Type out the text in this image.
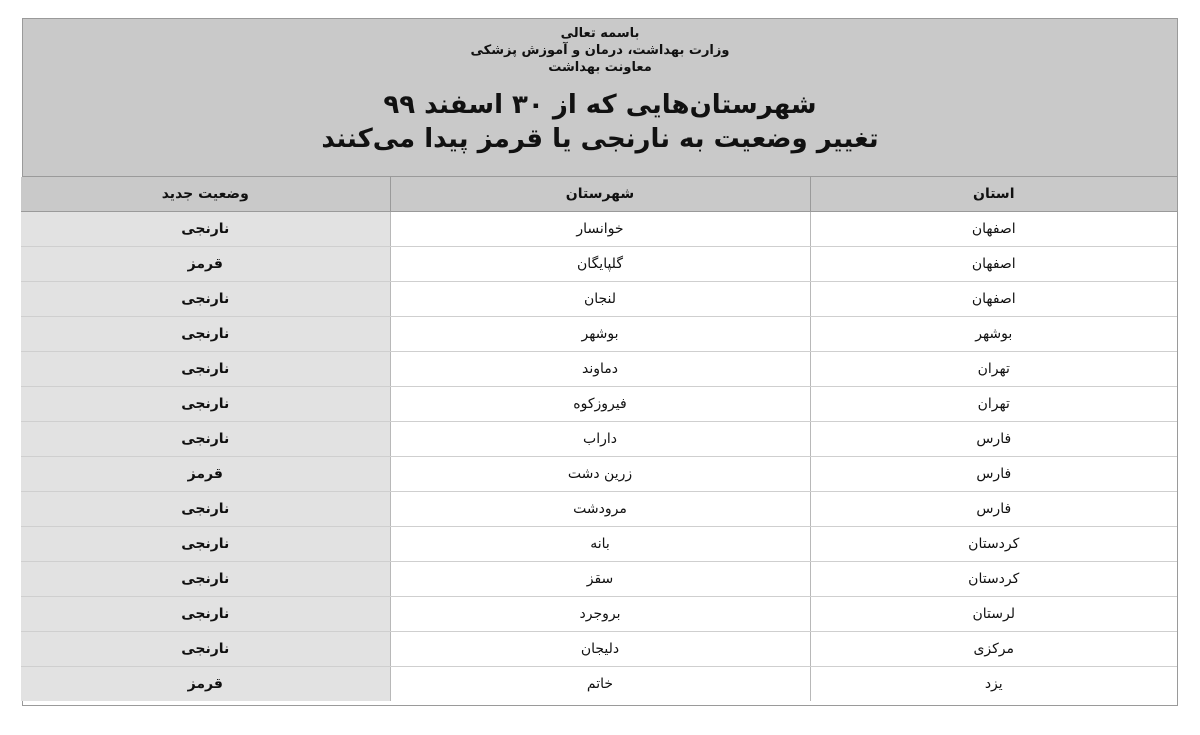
باسمه تعالی
وزارت بهداشت، درمان و آموزش پزشکی
معاونت بهداشت
شهرستان‌هایی که از ۳۰ اسفند ۹۹
تغییر وضعیت به نارنجی یا قرمز پیدا می‌کنند
استان	شهرستان	وضعیت جدید
اصفهان	خوانسار	نارنجی
اصفهان	گلپایگان	قرمز
اصفهان	لنجان	نارنجی
بوشهر	بوشهر	نارنجی
تهران	دماوند	نارنجی
تهران	فیروزکوه	نارنجی
فارس	داراب	نارنجی
فارس	زرین دشت	قرمز
فارس	مرودشت	نارنجی
کردستان	بانه	نارنجی
کردستان	سقز	نارنجی
لرستان	بروجرد	نارنجی
مرکزی	دلیجان	نارنجی
یزد	خاتم	قرمز
